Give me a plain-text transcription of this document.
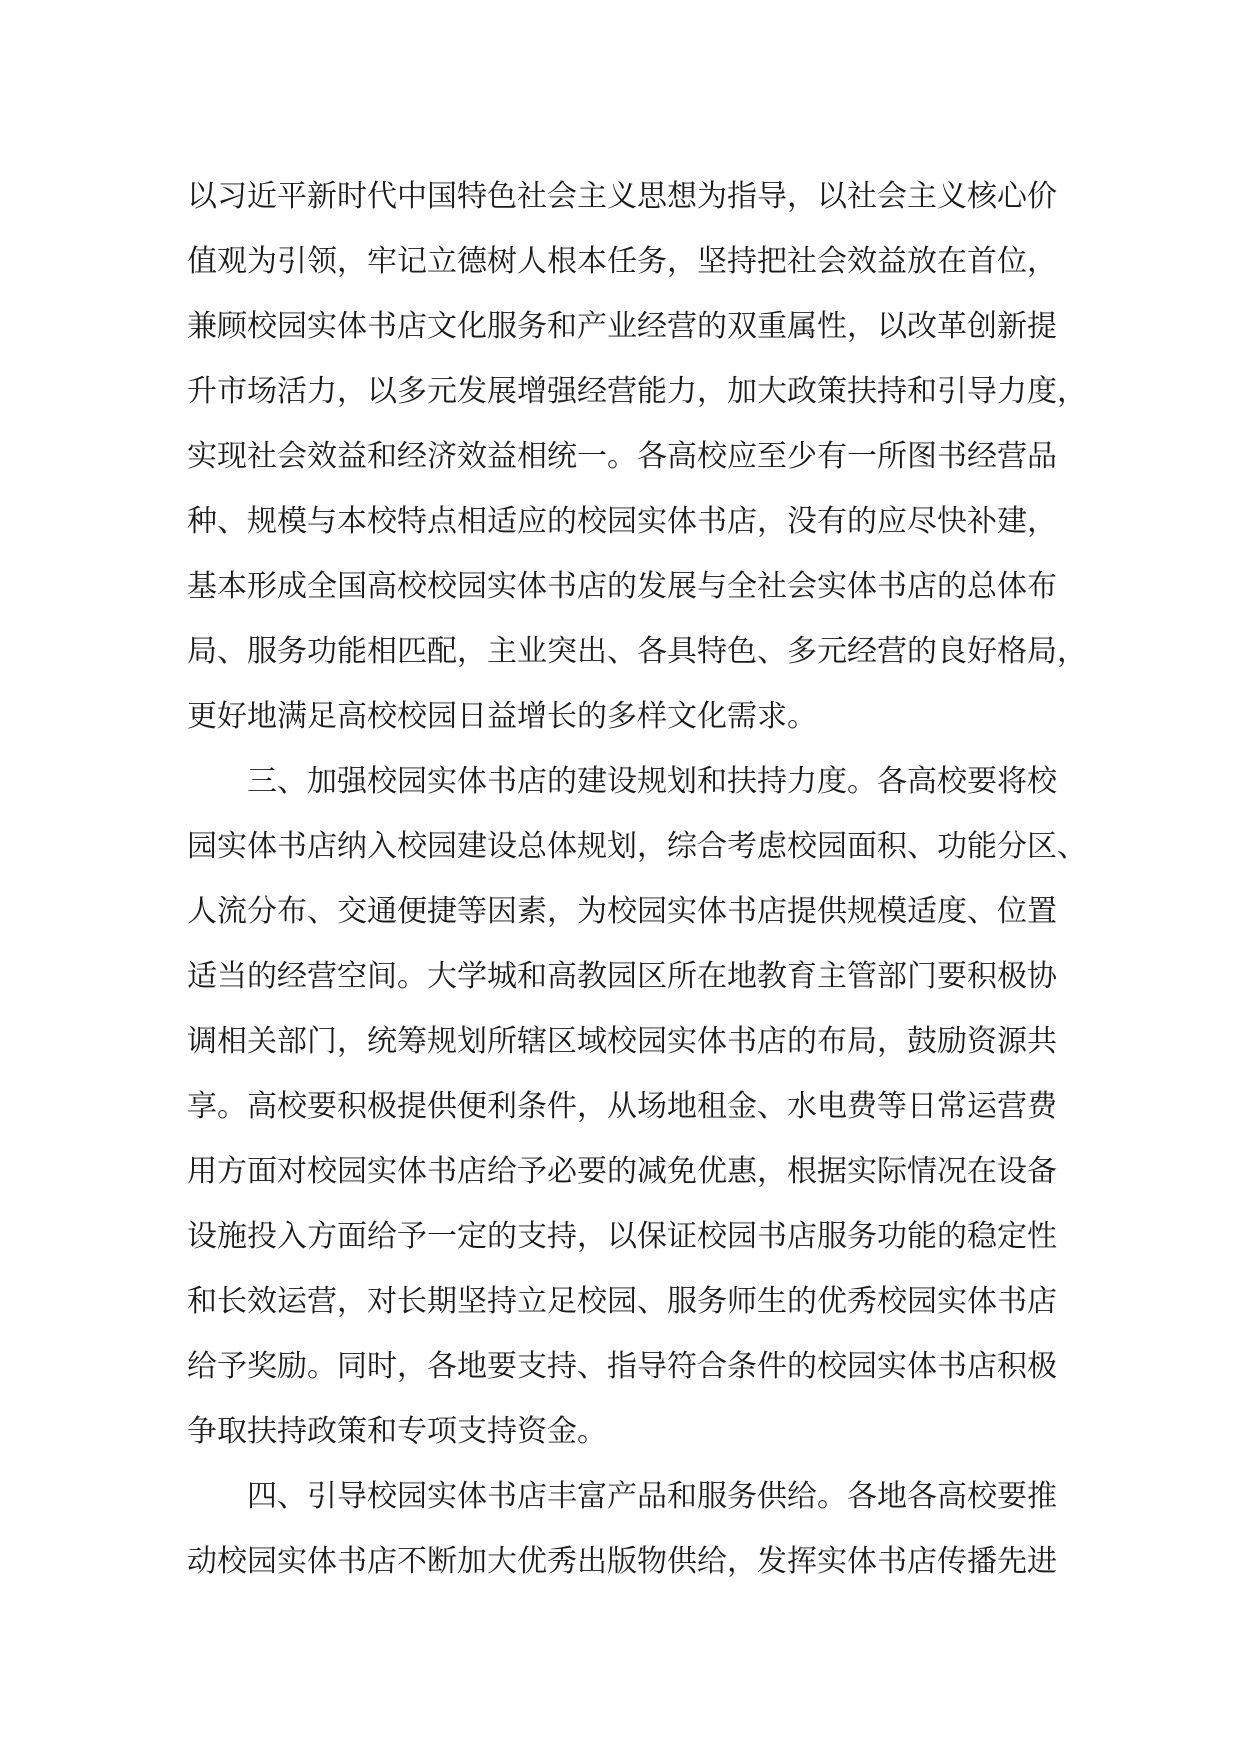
以习近平新时代中国特色社会主义思想为指导，以社会主义核心价
值观为引领，牢记立德树人根本任务，坚持把社会效益放在首位，
兼顾校园实体书店文化服务和产业经营的双重属性，以改革创新提
升市场活力，以多元发展增强经营能力，加大政策扶持和引导力度，
实现社会效益和经济效益相统一。各高校应至少有一所图书经营品
种、规模与本校特点相适应的校园实体书店，没有的应尽快补建，
基本形成全国高校校园实体书店的发展与全社会实体书店的总体布
局、服务功能相匹配，主业突出、各具特色、多元经营的良好格局，
更好地满足高校校园日益增长的多样文化需求。
　　三、加强校园实体书店的建设规划和扶持力度。各高校要将校
园实体书店纳入校园建设总体规划，综合考虑校园面积、功能分区、
人流分布、交通便捷等因素，为校园实体书店提供规模适度、位置
适当的经营空间。大学城和高教园区所在地教育主管部门要积极协
调相关部门，统筹规划所辖区域校园实体书店的布局，鼓励资源共
享。高校要积极提供便利条件，从场地租金、水电费等日常运营费
用方面对校园实体书店给予必要的减免优惠，根据实际情况在设备
设施投入方面给予一定的支持，以保证校园书店服务功能的稳定性
和长效运营，对长期坚持立足校园、服务师生的优秀校园实体书店
给予奖励。同时，各地要支持、指导符合条件的校园实体书店积极
争取扶持政策和专项支持资金。
　　四、引导校园实体书店丰富产品和服务供给。各地各高校要推
动校园实体书店不断加大优秀出版物供给，发挥实体书店传播先进
